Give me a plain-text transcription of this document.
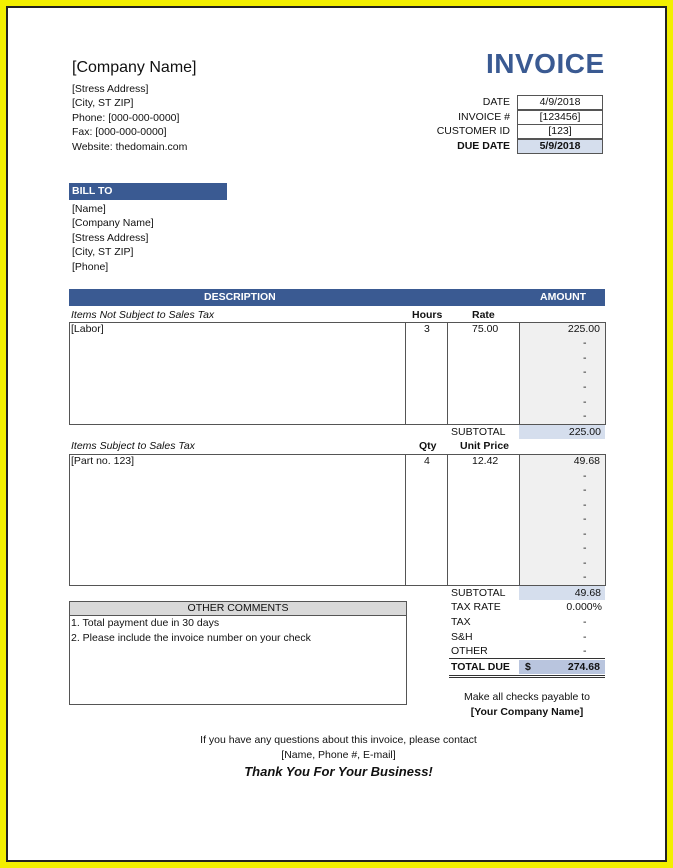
[Company Name]
[Stress Address]
[City, ST ZIP]
Phone: [000-000-0000]
Fax: [000-000-0000]
Website: thedomain.com
INVOICE
DATE	4/9/2018
INVOICE #	[123456]
CUSTOMER ID	[123]
DUE DATE	5/9/2018
BILL TO
[Name]
[Company Name]
[Stress Address]
[City, ST ZIP]
[Phone]
DESCRIPTION	AMOUNT
Items Not Subject to Sales Tax	Hours	Rate
[Labor]	3	75.00	225.00
-
-
-
-
-
-
SUBTOTAL	225.00
Items Subject to Sales Tax	Qty Unit Price
[Part no. 123]	4	12.42	49.68
-
-
-
-
-
-
-
-
SUBTOTAL	49.68
TAX RATE	0.000%
TAX	-
S&H	-
OTHER	-
TOTAL DUE $	274.68
OTHER COMMENTS
1. Total payment due in 30 days
2. Please include the invoice number on your check
Make all checks payable to
[Your Company Name]
If you have any questions about this invoice, please contact
[Name, Phone #, E-mail]
Thank You For Your Business!
